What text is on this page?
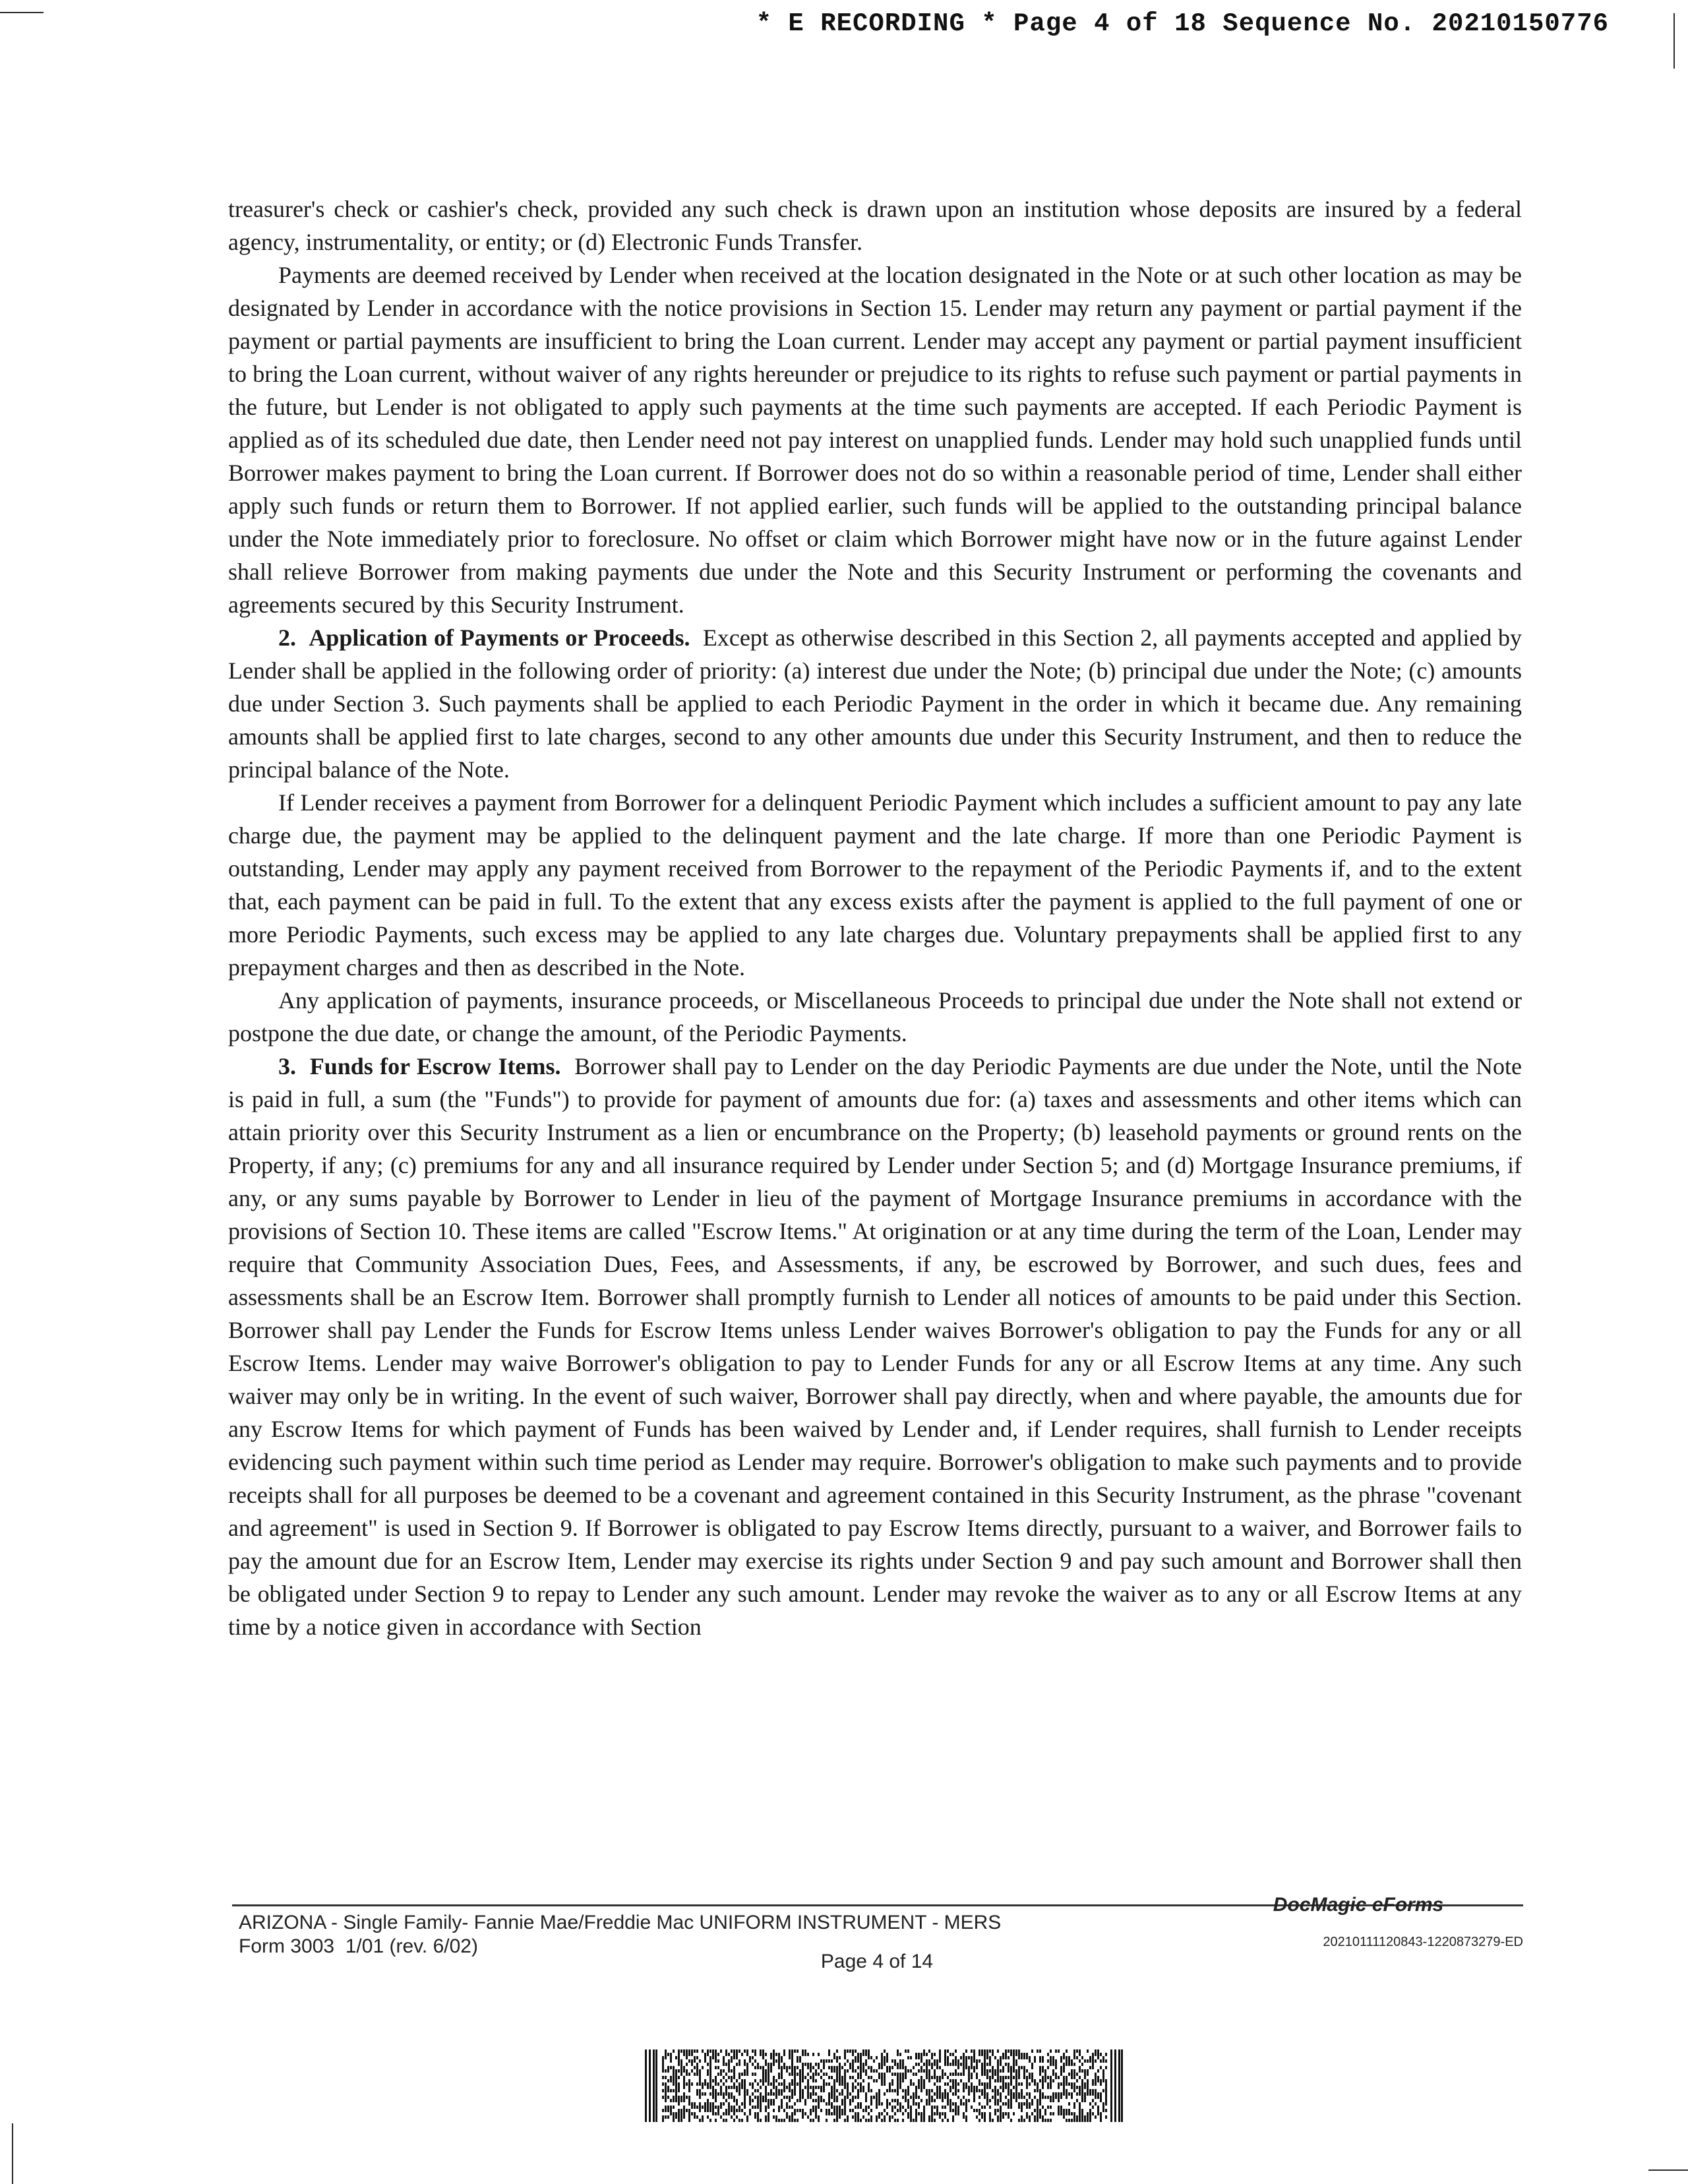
* E RECORDING * Page 4 of 18 Sequence No. 20210150776

treasurer's check or cashier's check, provided any such check is drawn upon an institution whose deposits are insured by a federal agency, instrumentality, or entity; or (d) Electronic Funds Transfer.

Payments are deemed received by Lender when received at the location designated in the Note or at such other location as may be designated by Lender in accordance with the notice provisions in Section 15. Lender may return any payment or partial payment if the payment or partial payments are insufficient to bring the Loan current. Lender may accept any payment or partial payment insufficient to bring the Loan current, without waiver of any rights hereunder or prejudice to its rights to refuse such payment or partial payments in the future, but Lender is not obligated to apply such payments at the time such payments are accepted. If each Periodic Payment is applied as of its scheduled due date, then Lender need not pay interest on unapplied funds. Lender may hold such unapplied funds until Borrower makes payment to bring the Loan current. If Borrower does not do so within a reasonable period of time, Lender shall either apply such funds or return them to Borrower. If not applied earlier, such funds will be applied to the outstanding principal balance under the Note immediately prior to foreclosure. No offset or claim which Borrower might have now or in the future against Lender shall relieve Borrower from making payments due under the Note and this Security Instrument or performing the covenants and agreements secured by this Security Instrument.

2. Application of Payments or Proceeds. Except as otherwise described in this Section 2, all payments accepted and applied by Lender shall be applied in the following order of priority: (a) interest due under the Note; (b) principal due under the Note; (c) amounts due under Section 3. Such payments shall be applied to each Periodic Payment in the order in which it became due. Any remaining amounts shall be applied first to late charges, second to any other amounts due under this Security Instrument, and then to reduce the principal balance of the Note.

If Lender receives a payment from Borrower for a delinquent Periodic Payment which includes a sufficient amount to pay any late charge due, the payment may be applied to the delinquent payment and the late charge. If more than one Periodic Payment is outstanding, Lender may apply any payment received from Borrower to the repayment of the Periodic Payments if, and to the extent that, each payment can be paid in full. To the extent that any excess exists after the payment is applied to the full payment of one or more Periodic Payments, such excess may be applied to any late charges due. Voluntary prepayments shall be applied first to any prepayment charges and then as described in the Note.

Any application of payments, insurance proceeds, or Miscellaneous Proceeds to principal due under the Note shall not extend or postpone the due date, or change the amount, of the Periodic Payments.

3. Funds for Escrow Items. Borrower shall pay to Lender on the day Periodic Payments are due under the Note, until the Note is paid in full, a sum (the "Funds") to provide for payment of amounts due for: (a) taxes and assessments and other items which can attain priority over this Security Instrument as a lien or encumbrance on the Property; (b) leasehold payments or ground rents on the Property, if any; (c) premiums for any and all insurance required by Lender under Section 5; and (d) Mortgage Insurance premiums, if any, or any sums payable by Borrower to Lender in lieu of the payment of Mortgage Insurance premiums in accordance with the provisions of Section 10. These items are called "Escrow Items." At origination or at any time during the term of the Loan, Lender may require that Community Association Dues, Fees, and Assessments, if any, be escrowed by Borrower, and such dues, fees and assessments shall be an Escrow Item. Borrower shall promptly furnish to Lender all notices of amounts to be paid under this Section. Borrower shall pay Lender the Funds for Escrow Items unless Lender waives Borrower's obligation to pay the Funds for any or all Escrow Items. Lender may waive Borrower's obligation to pay to Lender Funds for any or all Escrow Items at any time. Any such waiver may only be in writing. In the event of such waiver, Borrower shall pay directly, when and where payable, the amounts due for any Escrow Items for which payment of Funds has been waived by Lender and, if Lender requires, shall furnish to Lender receipts evidencing such payment within such time period as Lender may require. Borrower's obligation to make such payments and to provide receipts shall for all purposes be deemed to be a covenant and agreement contained in this Security Instrument, as the phrase "covenant and agreement" is used in Section 9. If Borrower is obligated to pay Escrow Items directly, pursuant to a waiver, and Borrower fails to pay the amount due for an Escrow Item, Lender may exercise its rights under Section 9 and pay such amount and Borrower shall then be obligated under Section 9 to repay to Lender any such amount. Lender may revoke the waiver as to any or all Escrow Items at any time by a notice given in accordance with Section

ARIZONA - Single Family- Fannie Mae/Freddie Mac UNIFORM INSTRUMENT - MERS
Form 3003  1/01 (rev. 6/02)
DocMagic eForms
20210111120843-1220873279-ED
Page 4 of 14
